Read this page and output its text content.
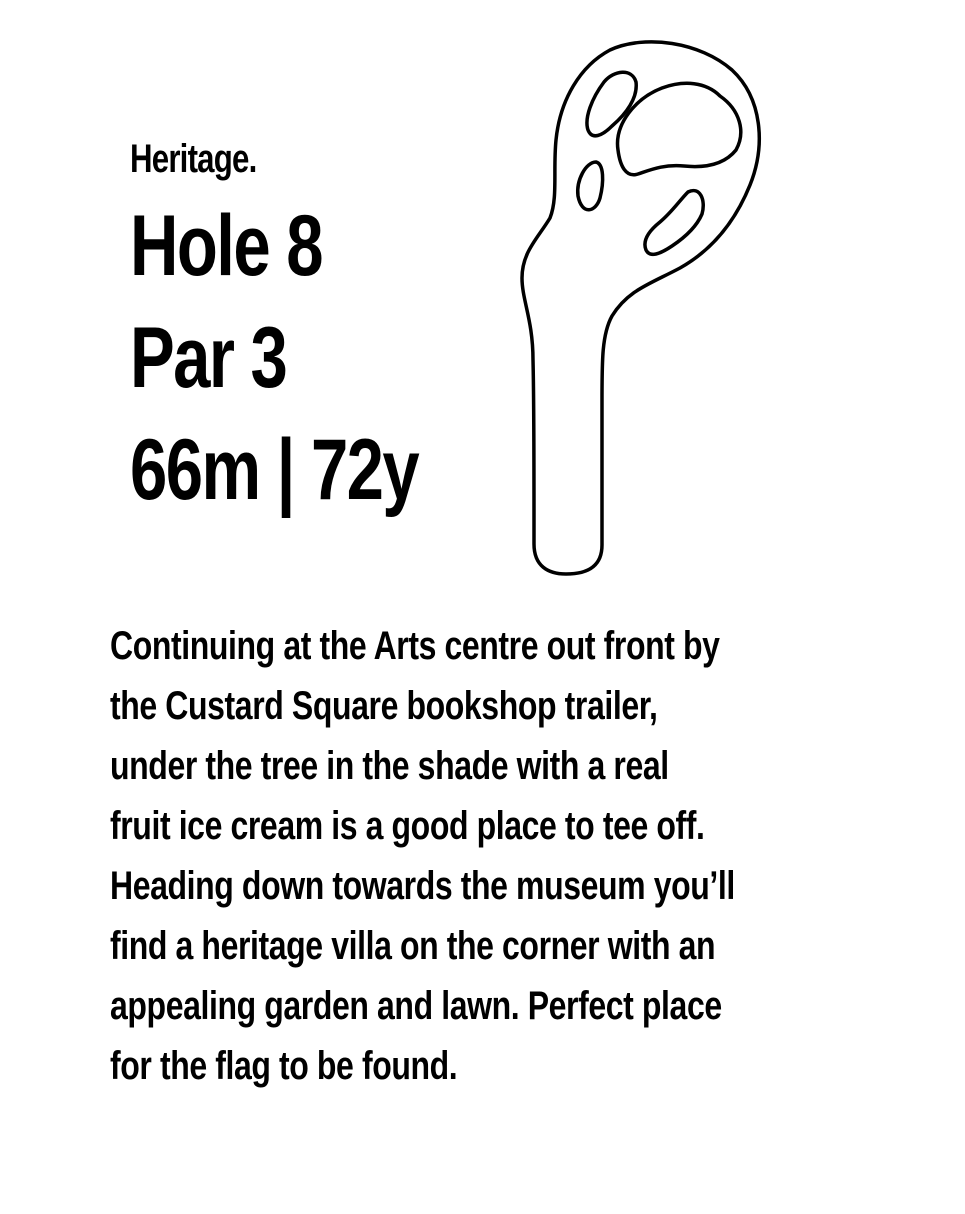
Heritage.
Hole 8
Par 3
66m | 72y
Continuing at the Arts centre out front by
the Custard Square bookshop trailer,
under the tree in the shade with a real
fruit ice cream is a good place to tee off.
Heading down towards the museum you’ll
find a heritage villa on the corner with an
appealing garden and lawn. Perfect place
for the flag to be found.
